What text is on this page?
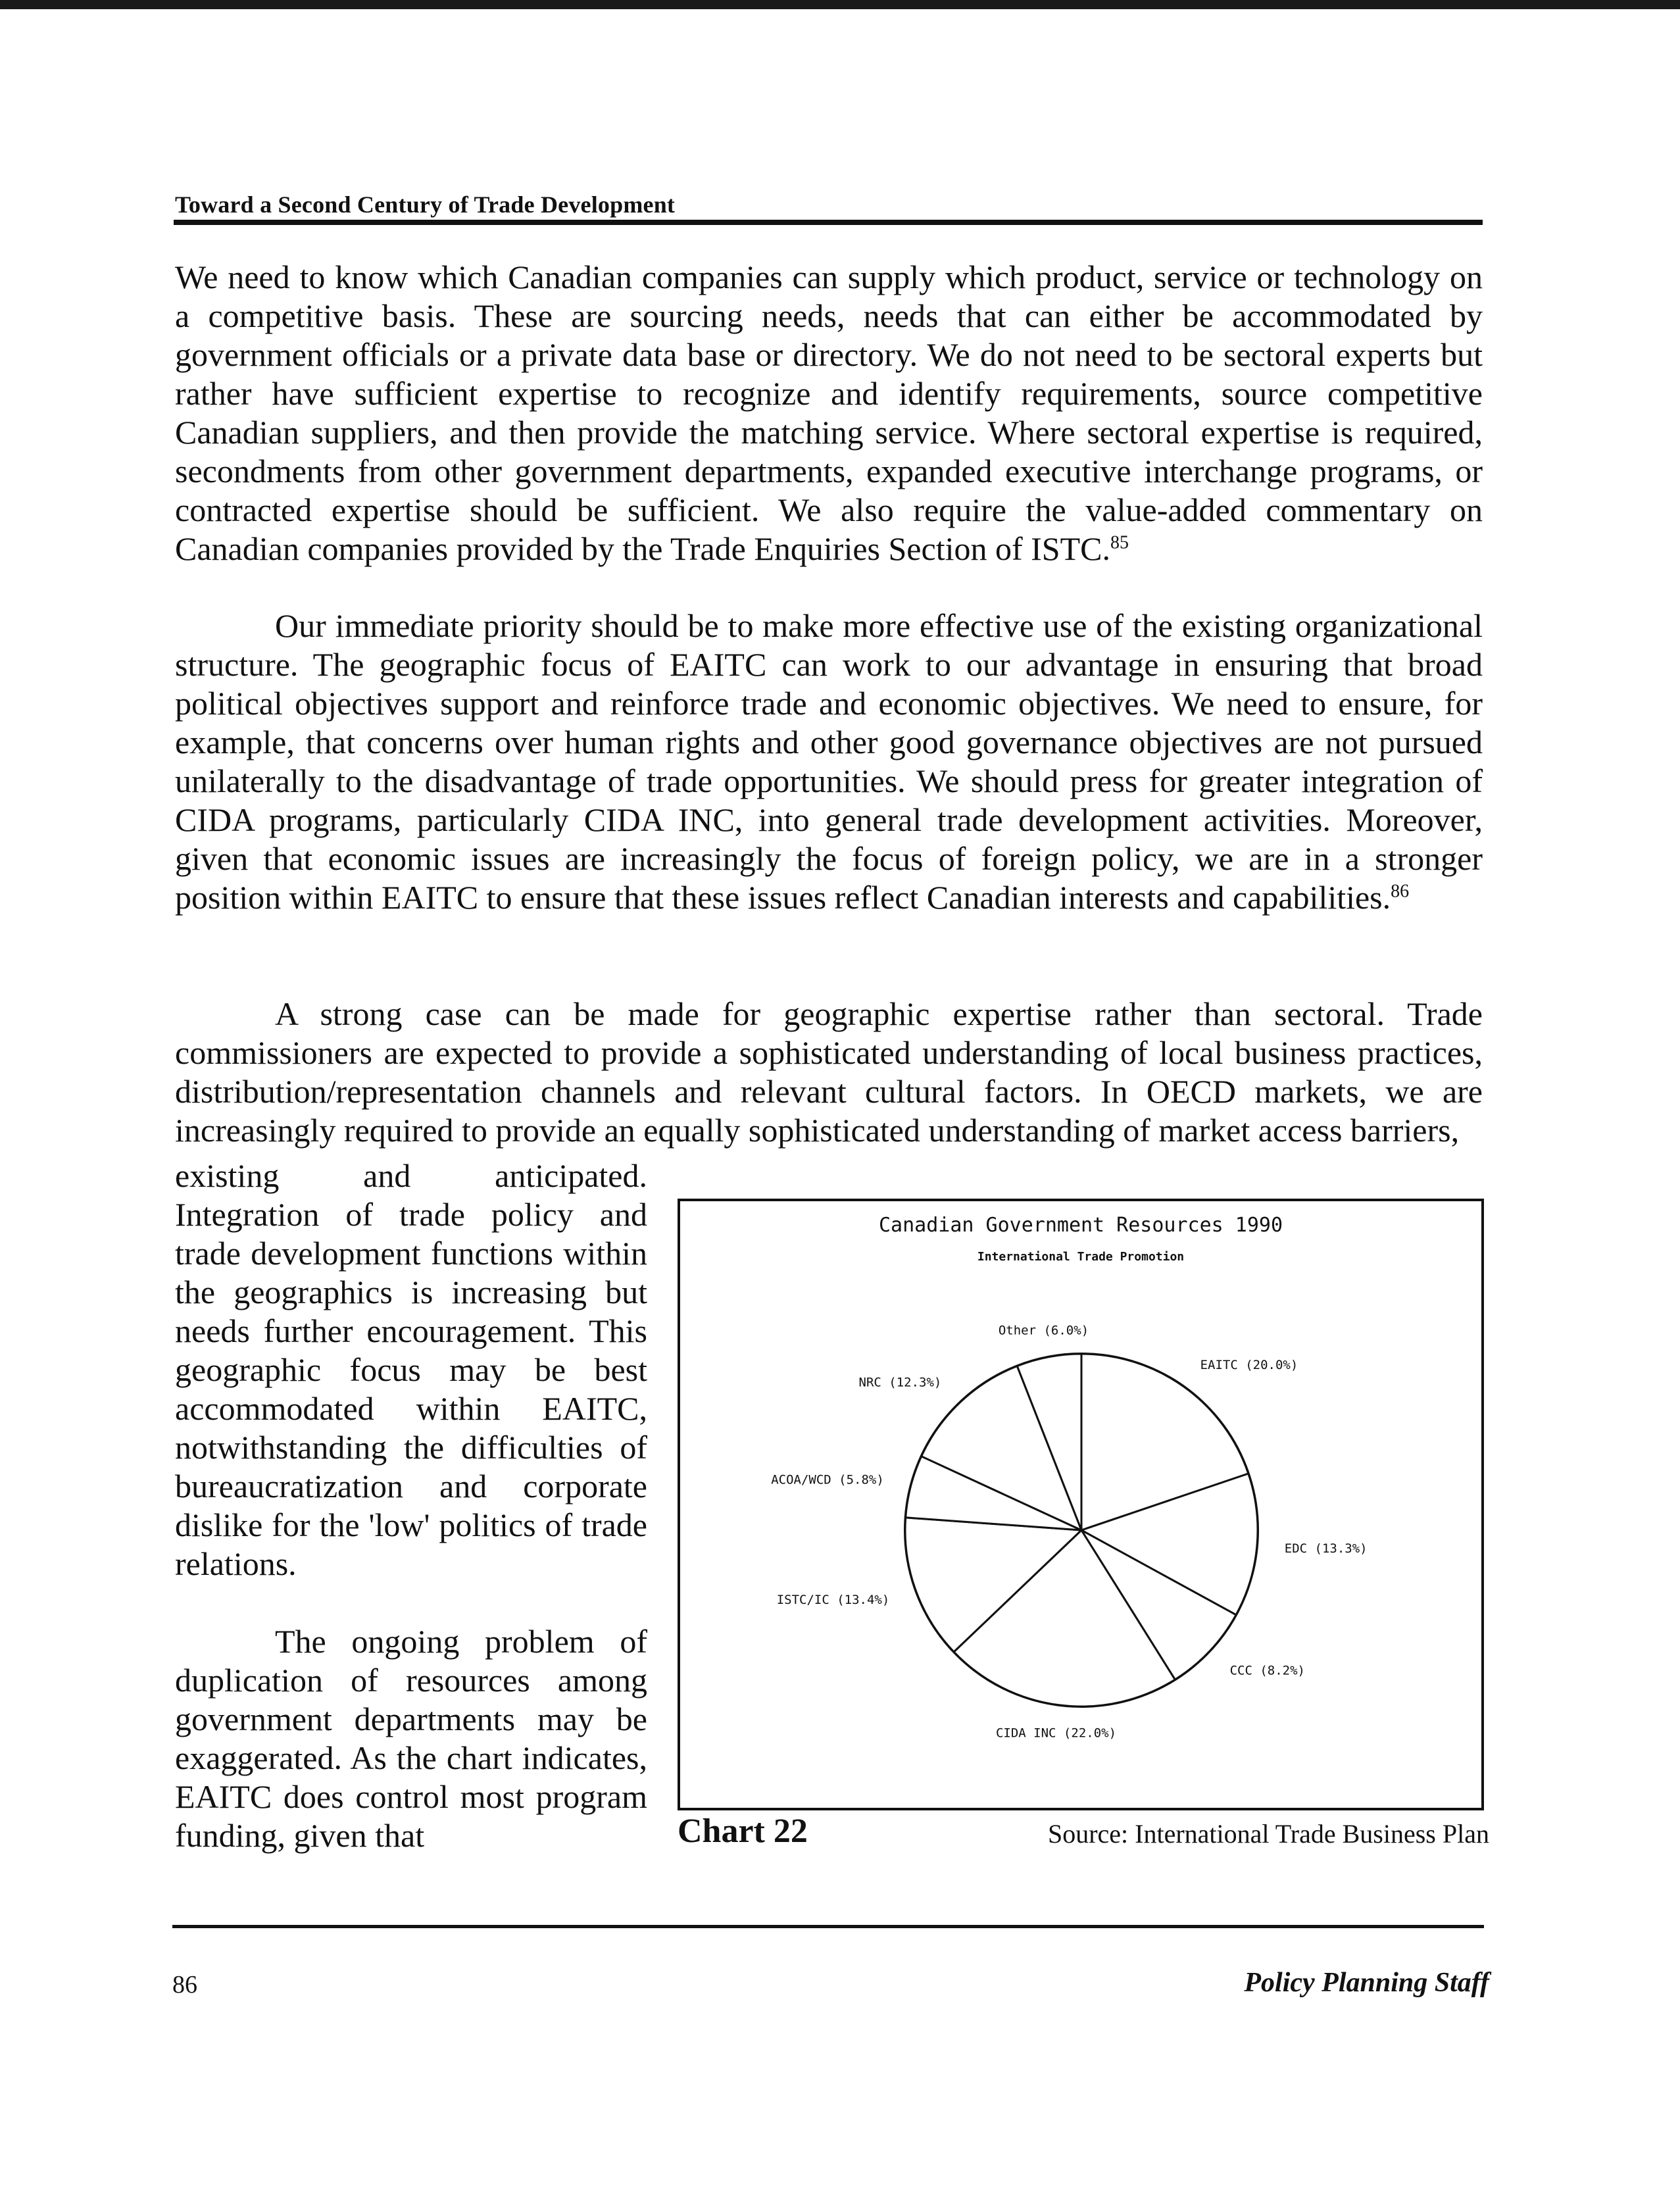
Toward a Second Century of Trade Development

We need to know which Canadian companies can supply which product, service or technology on a competitive basis. These are sourcing needs, needs that can either be accommodated by government officials or a private data base or directory. We do not need to be sectoral experts but rather have sufficient expertise to recognize and identify requirements, source competitive Canadian suppliers, and then provide the matching service. Where sectoral expertise is required, secondments from other government departments, expanded executive interchange programs, or contracted expertise should be sufficient. We also require the value-added commentary on Canadian companies provided by the Trade Enquiries Section of ISTC.$^{85}$

Our immediate priority should be to make more effective use of the existing organizational structure. The geographic focus of EAITC can work to our advantage in ensuring that broad political objectives support and reinforce trade and economic objectives. We need to ensure, for example, that concerns over human rights and other good governance objectives are not pursued unilaterally to the disadvantage of trade opportunities. We should press for greater integration of CIDA programs, particularly CIDA INC, into general trade development activities. Moreover, given that economic issues are increasingly the focus of foreign policy, we are in a stronger position within EAITC to ensure that these issues reflect Canadian interests and capabilities.$^{86}$

A strong case can be made for geographic expertise rather than sectoral. Trade commissioners are expected to provide a sophisticated understanding of local business practices, distribution/representation channels and relevant cultural factors. In OECD markets, we are increasingly required to provide an equally sophisticated understanding of market access barriers,

existing and anticipated. Integration of trade policy and trade development functions within the geographics is increasing but needs further encouragement. This geographic focus may be best accommodated within EAITC, notwithstanding the difficulties of bureaucratization and corporate dislike for the 'low' politics of trade relations.

The ongoing problem of duplication of resources among government departments may be exaggerated. As the chart indicates, EAITC does control most program funding, given that

Canadian Government Resources 1990
International Trade Promotion
EAITC (20.0%)
EDC (13.3%)
CCC (8.2%)
CIDA INC (22.0%)
ISTC/IC (13.4%)
ACOA/WCD (5.8%)
NRC (12.3%)
Other (6.0%)
Chart 22	Source: International Trade Business Plan
86	Policy Planning Staff
